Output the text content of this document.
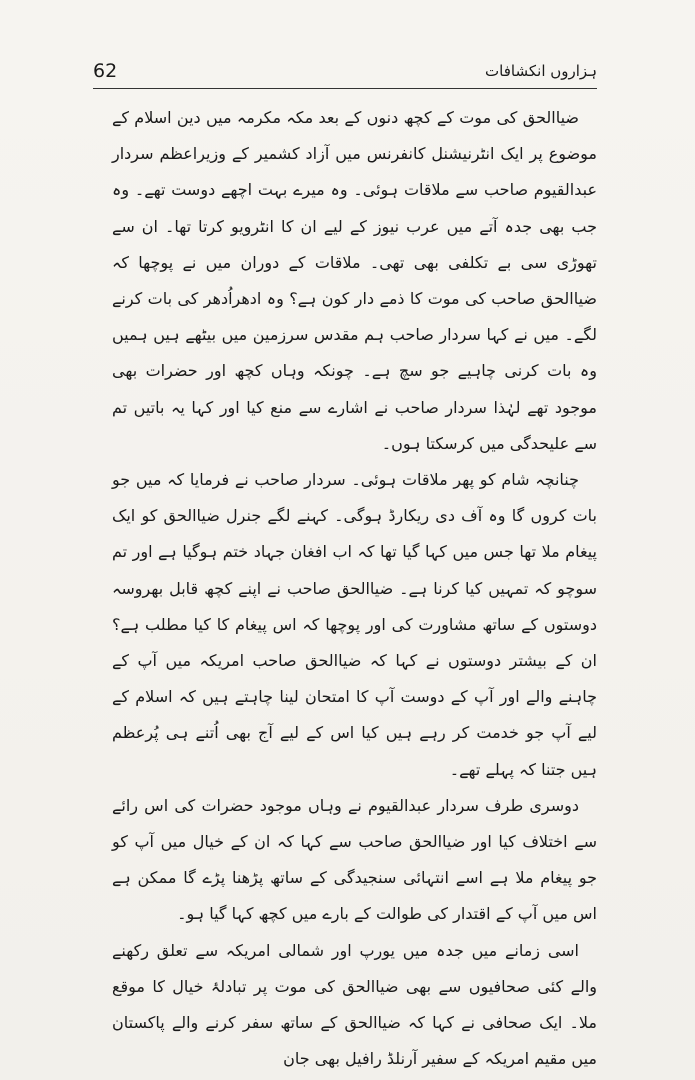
62	ہزاروں انکشافات

ضیاالحق کی موت کے کچھ دنوں کے بعد مکہ مکرمہ میں دین اسلام کے موضوع پر ایک انٹرنیشنل کانفرنس میں آزاد کشمیر کے وزیراعظم سردار عبدالقیوم صاحب سے ملاقات ہوئی۔ وہ میرے بہت اچھے دوست تھے۔ وہ جب بھی جدہ آتے میں عرب نیوز کے لیے ان کا انٹرویو کرتا تھا۔ ان سے تھوڑی سی بے تکلفی بھی تھی۔ ملاقات کے دوران میں نے پوچھا کہ ضیاالحق صاحب کی موت کا ذمے دار کون ہے؟ وہ ادھراُدھر کی بات کرنے لگے۔ میں نے کہا سردار صاحب ہم مقدس سرزمین میں بیٹھے ہیں ہمیں وہ بات کرنی چاہیے جو سچ ہے۔ چونکہ وہاں کچھ اور حضرات بھی موجود تھے لہٰذا سردار صاحب نے اشارے سے منع کیا اور کہا یہ باتیں تم سے علیحدگی میں کرسکتا ہوں۔

چنانچہ شام کو پھر ملاقات ہوئی۔ سردار صاحب نے فرمایا کہ میں جو بات کروں گا وہ آف دی ریکارڈ ہوگی۔ کہنے لگے جنرل ضیاالحق کو ایک پیغام ملا تھا جس میں کہا گیا تھا کہ اب افغان جہاد ختم ہوگیا ہے اور تم سوچو کہ تمہیں کیا کرنا ہے۔ ضیاالحق صاحب نے اپنے کچھ قابل بھروسہ دوستوں کے ساتھ مشاورت کی اور پوچھا کہ اس پیغام کا کیا مطلب ہے؟ ان کے بیشتر دوستوں نے کہا کہ ضیاالحق صاحب امریکہ میں آپ کے چاہنے والے اور آپ کے دوست آپ کا امتحان لینا چاہتے ہیں کہ اسلام کے لیے آپ جو خدمت کر رہے ہیں کیا اس کے لیے آج بھی اُتنے ہی پُرعظم ہیں جتنا کہ پہلے تھے۔

دوسری طرف سردار عبدالقیوم نے وہاں موجود حضرات کی اس رائے سے اختلاف کیا اور ضیاالحق صاحب سے کہا کہ ان کے خیال میں آپ کو جو پیغام ملا ہے اسے انتہائی سنجیدگی کے ساتھ پڑھنا پڑے گا ممکن ہے اس میں آپ کے اقتدار کی طوالت کے بارے میں کچھ کہا گیا ہو۔

اسی زمانے میں جدہ میں یورپ اور شمالی امریکہ سے تعلق رکھنے والے کئی صحافیوں سے بھی ضیاالحق کی موت پر تبادلۂ خیال کا موقع ملا۔ ایک صحافی نے کہا کہ ضیاالحق کے ساتھ سفر کرنے والے پاکستان میں مقیم امریکہ کے سفیر آرنلڈ رافیل بھی جان
